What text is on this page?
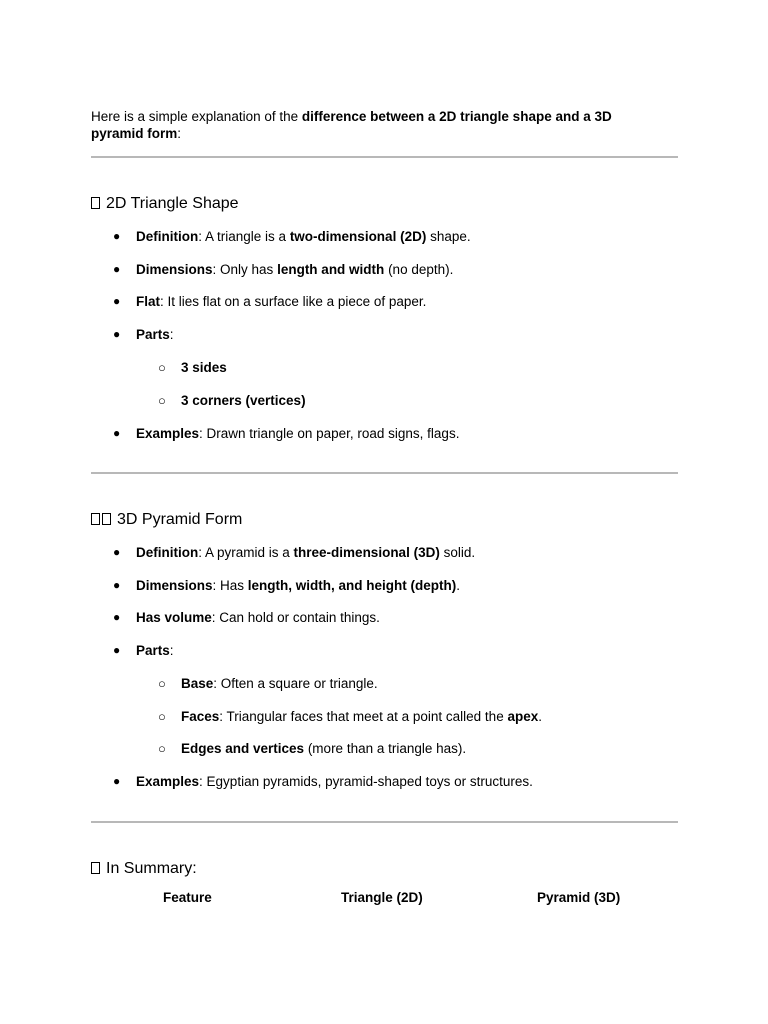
Here is a simple explanation of the difference between a 2D triangle shape and a 3D pyramid form:

2D Triangle Shape
● Definition: A triangle is a two-dimensional (2D) shape.
● Dimensions: Only has length and width (no depth).
● Flat: It lies flat on a surface like a piece of paper.
● Parts:
○ 3 sides
○ 3 corners (vertices)
● Examples: Drawn triangle on paper, road signs, flags.
3D Pyramid Form
● Definition: A pyramid is a three-dimensional (3D) solid.
● Dimensions: Has length, width, and height (depth).
● Has volume: Can hold or contain things.
● Parts:
○ Base: Often a square or triangle.
○ Faces: Triangular faces that meet at a point called the apex.
○ Edges and vertices (more than a triangle has).
● Examples: Egyptian pyramids, pyramid-shaped toys or structures.
In Summary:
Feature	Triangle (2D)	Pyramid (3D)
